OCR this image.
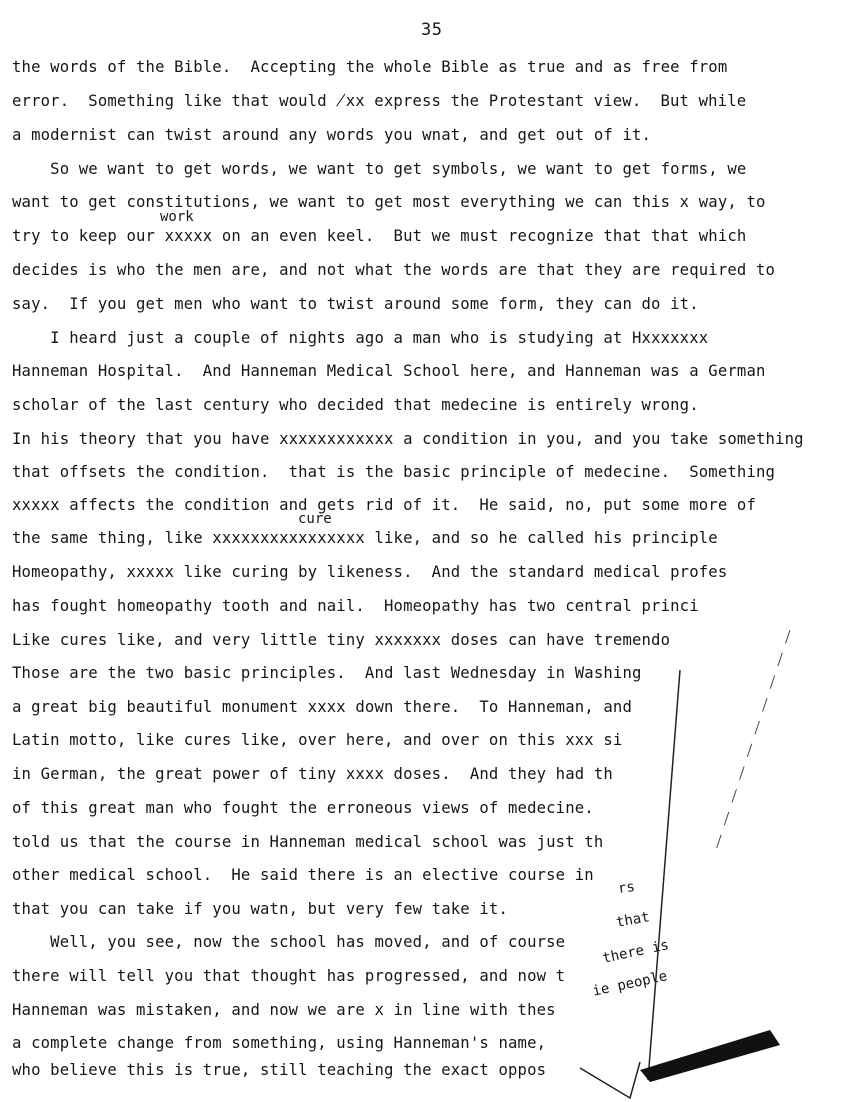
35
the words of the Bible.  Accepting the whole Bible as true and as free from
error.  Something like that would ̸xx express the Protestant view.  But while
a modernist can twist around any words you wnat, and get out of it.
So we want to get words, we want to get symbols, we want to get forms, we
want to get constitutions, we want to get most everything we can this x way, to
work
try to keep our xxxxx on an even keel.  But we must recognize that that which
decides is who the men are, and not what the words are that they are required to
say.  If you get men who want to twist around some form, they can do it.
I heard just a couple of nights ago a man who is studying at Hxxxxxxx
Hanneman Hospital.  And Hanneman Medical School here, and Hanneman was a German
scholar of the last century who decided that medecine is entirely wrong.
In his theory that you have xxxxxxxxxxxx a condition in you, and you take something
that offsets the condition.  that is the basic principle of medecine.  Something
xxxxx affects the condition and gets rid of it.  He said, no, put some more of
cure
the same thing, like xxxxxxxxxxxxxxxx like, and so he called his principle
Homeopathy, xxxxx like curing by likeness.  And the standard medical profes
has fought homeopathy tooth and nail.  Homeopathy has two central princi
Like cures like, and very little tiny xxxxxxx doses can have tremendo
Those are the two basic principles.  And last Wednesday in Washing
a great big beautiful monument xxxx down there.  To Hanneman, and
Latin motto, like cures like, over here, and over on this xxx si
in German, the great power of tiny xxxx doses.  And they had th
of this great man who fought the erroneous views of medecine.
told us that the course in Hanneman medical school was just th
other medical school.  He said there is an elective course in
that you can take if you watn, but very few take it.
Well, you see, now the school has moved, and of course
there will tell you that thought has progressed, and now t
Hanneman was mistaken, and now we are x in line with thes
a complete change from something, using Hanneman's name,
who believe this is true, still teaching the exact oppos
rs
that
there is
ie people
